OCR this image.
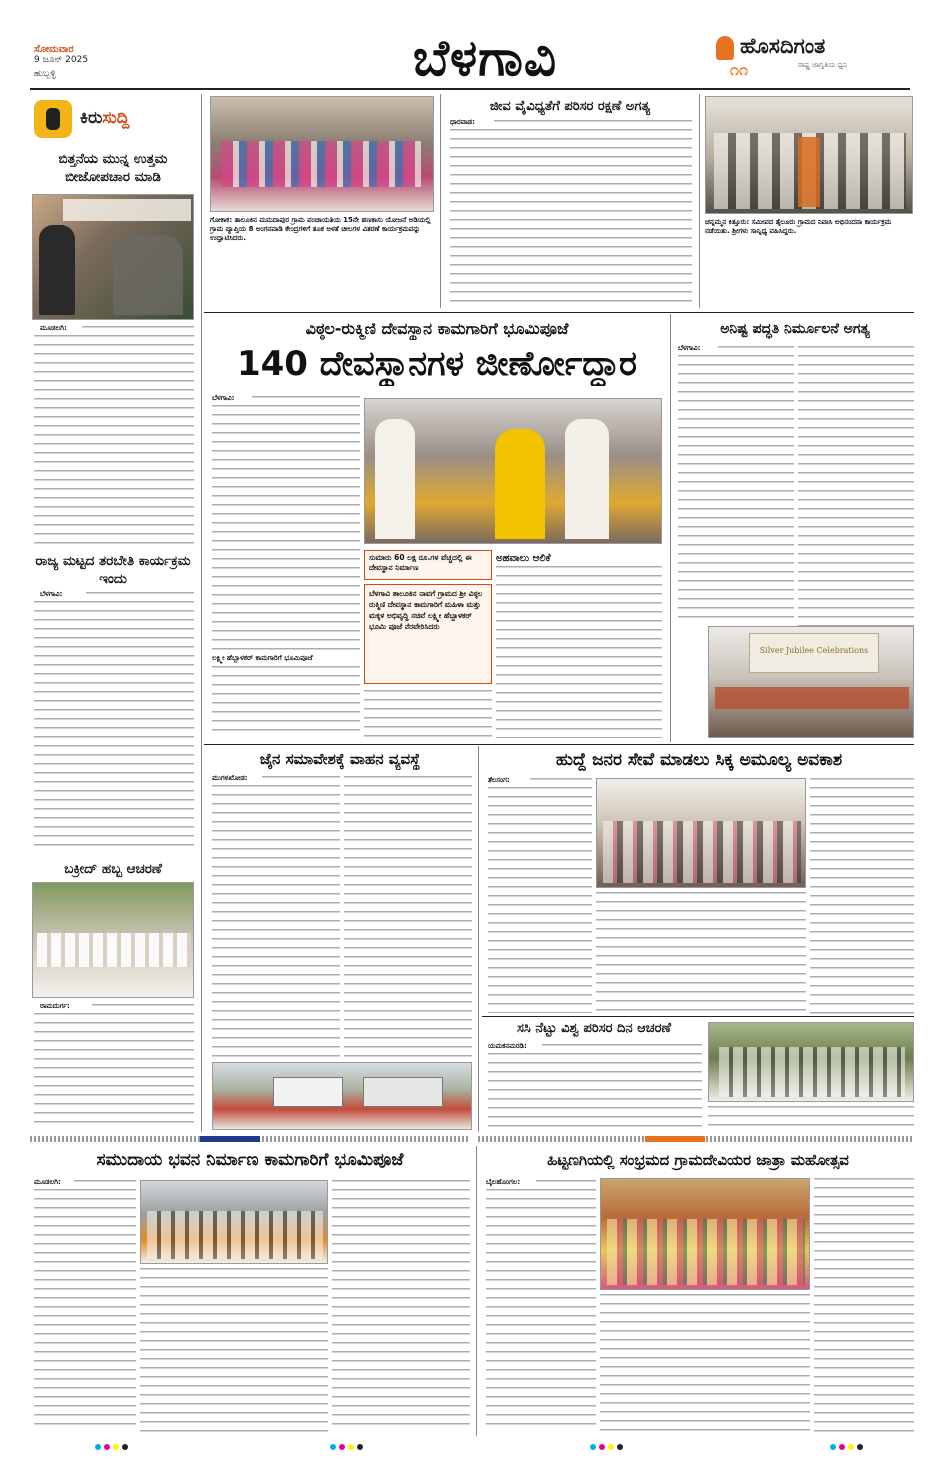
ಸೋಮವಾರ
9 ಜೂನ್ 2025
ಹುಬ್ಬಳ್ಳಿ	ಬೆಳಗಾವಿ	ಹೊಸದಿಗಂತ
ರಾಷ್ಟ್ರ ಜಾಗೃತಿಯ ಧ್ವನಿ
೧೧
ಕಿರುಸುದ್ದಿ
ಬಿತ್ತನೆಯ ಮುನ್ನ ಉತ್ತಮ ಬೀಜೋಪಚಾರ ಮಾಡಿ
ಮೂಡಲಗಿ:
ರಾಜ್ಯ ಮಟ್ಟದ ತರಬೇತಿ ಕಾರ್ಯಕ್ರಮ ಇಂದು
ಬೆಳಗಾವಿ:
ಬಕ್ರೀದ್ ಹಬ್ಬ ಆಚರಣೆ
ರಾಮದುರ್ಗ:
ಗೋಕಾಕ: ತಾಲೂಕಿನ ಮಮದಾಪುರ ಗ್ರಾಮ ಪಂಚಾಯತಿಯ 15ನೇ ಹಣಕಾಸು ಯೋಜನೆ ಅಡಿಯಲ್ಲಿ ಗ್ರಾಮ ವ್ಯಾಪ್ತಿಯ 8 ಅಂಗನವಾಡಿ ಕೇಂದ್ರಗಳಿಗೆ ತೂಕ ಅಳತೆ ಚೀಲಗಳ ವಿತರಣೆ ಕಾರ್ಯಕ್ರಮವನ್ನು ಉದ್ಘಾಟಿಸಿದರು.
ಜೀವ ವೈವಿಧ್ಯತೆಗೆ ಪರಿಸರ ರಕ್ಷಣೆ ಅಗತ್ಯ
ಧಾರವಾಡ:
ಚನ್ನಮ್ಮನ ಕಿತ್ತೂರು: ಸಮೀಪದ ತೈಲೂರು ಗ್ರಾಮದ ನಿವಾಸಿ ಅಭಿನಂದನಾ ಕಾರ್ಯಕ್ರಮ ನಡೆಯಿತು. ಶ್ರೀಗಳು ಸಾನ್ನಿಧ್ಯ ವಹಿಸಿದ್ದರು.
ವಿಠ್ಠಲ-ರುಕ್ಮಿಣಿ ದೇವಸ್ಥಾನ ಕಾಮಗಾರಿಗೆ ಭೂಮಿಪೂಜೆ
140 ದೇವಸ್ಥಾನಗಳ ಜೀರ್ಣೋದ್ಧಾರ
ಬೆಳಗಾವಿ:
ಲಕ್ಷ್ಮೀ ಹೆಬ್ಬಾಳಕರ್ ಕಾಮಗಾರಿಗೆ ಭೂಮಿಪೂಜೆ
ಸುಮಾರು 60 ಲಕ್ಷ ರೂ.ಗಳ ವೆಚ್ಚದಲ್ಲಿ ಈ ದೇವಸ್ಥಾನ ನಿರ್ಮಾಣ
ಬೆಳಗಾವಿ ತಾಲೂಕಿನ ನಾವಗೆ ಗ್ರಾಮದ ಶ್ರೀ ವಿಠ್ಠಲ ರುಕ್ಮಿಣಿ ದೇವಸ್ಥಾನ ಕಾಮಗಾರಿಗೆ ಮಹಿಳಾ ಮತ್ತು ಮಕ್ಕಳ ಅಭಿವೃದ್ಧಿ ಸಚಿವೆ ಲಕ್ಷ್ಮೀ ಹೆಬ್ಬಾಳಕರ್ ಭೂಮಿ ಪೂಜೆ ನೆರವೇರಿಸಿದರು
ಅಹವಾಲು ಆಲಿಕೆ
ಅನಿಷ್ಟ ಪದ್ಧತಿ ನಿರ್ಮೂಲನೆ ಅಗತ್ಯ
ಬೆಳಗಾವಿ:
Silver Jubilee Celebrations
ಜೈನ ಸಮಾವೇಶಕ್ಕೆ ವಾಹನ ವ್ಯವಸ್ಥೆ
ಮುಗಳಖೋಡ:
ಹುದ್ದೆ ಜನರ ಸೇವೆ ಮಾಡಲು ಸಿಕ್ಕ ಅಮೂಲ್ಯ ಅವಕಾಶ
ತೆಲಸಂಗ:
ಸಸಿ ನೆಟ್ಟು ವಿಶ್ವ ಪರಿಸರ ದಿನ ಆಚರಣೆ
ಯಮಕನಮರಡಿ:
ಸಮುದಾಯ ಭವನ ನಿರ್ಮಾಣ ಕಾಮಗಾರಿಗೆ ಭೂಮಿಪೂಜೆ
ಮೂಡಲಗಿ:
ಹಿಟ್ಟಣಗಿಯಲ್ಲಿ ಸಂಭ್ರಮದ ಗ್ರಾಮದೇವಿಯರ ಜಾತ್ರಾ ಮಹೋತ್ಸವ
ಬೈಲಹೊಂಗಲ:
